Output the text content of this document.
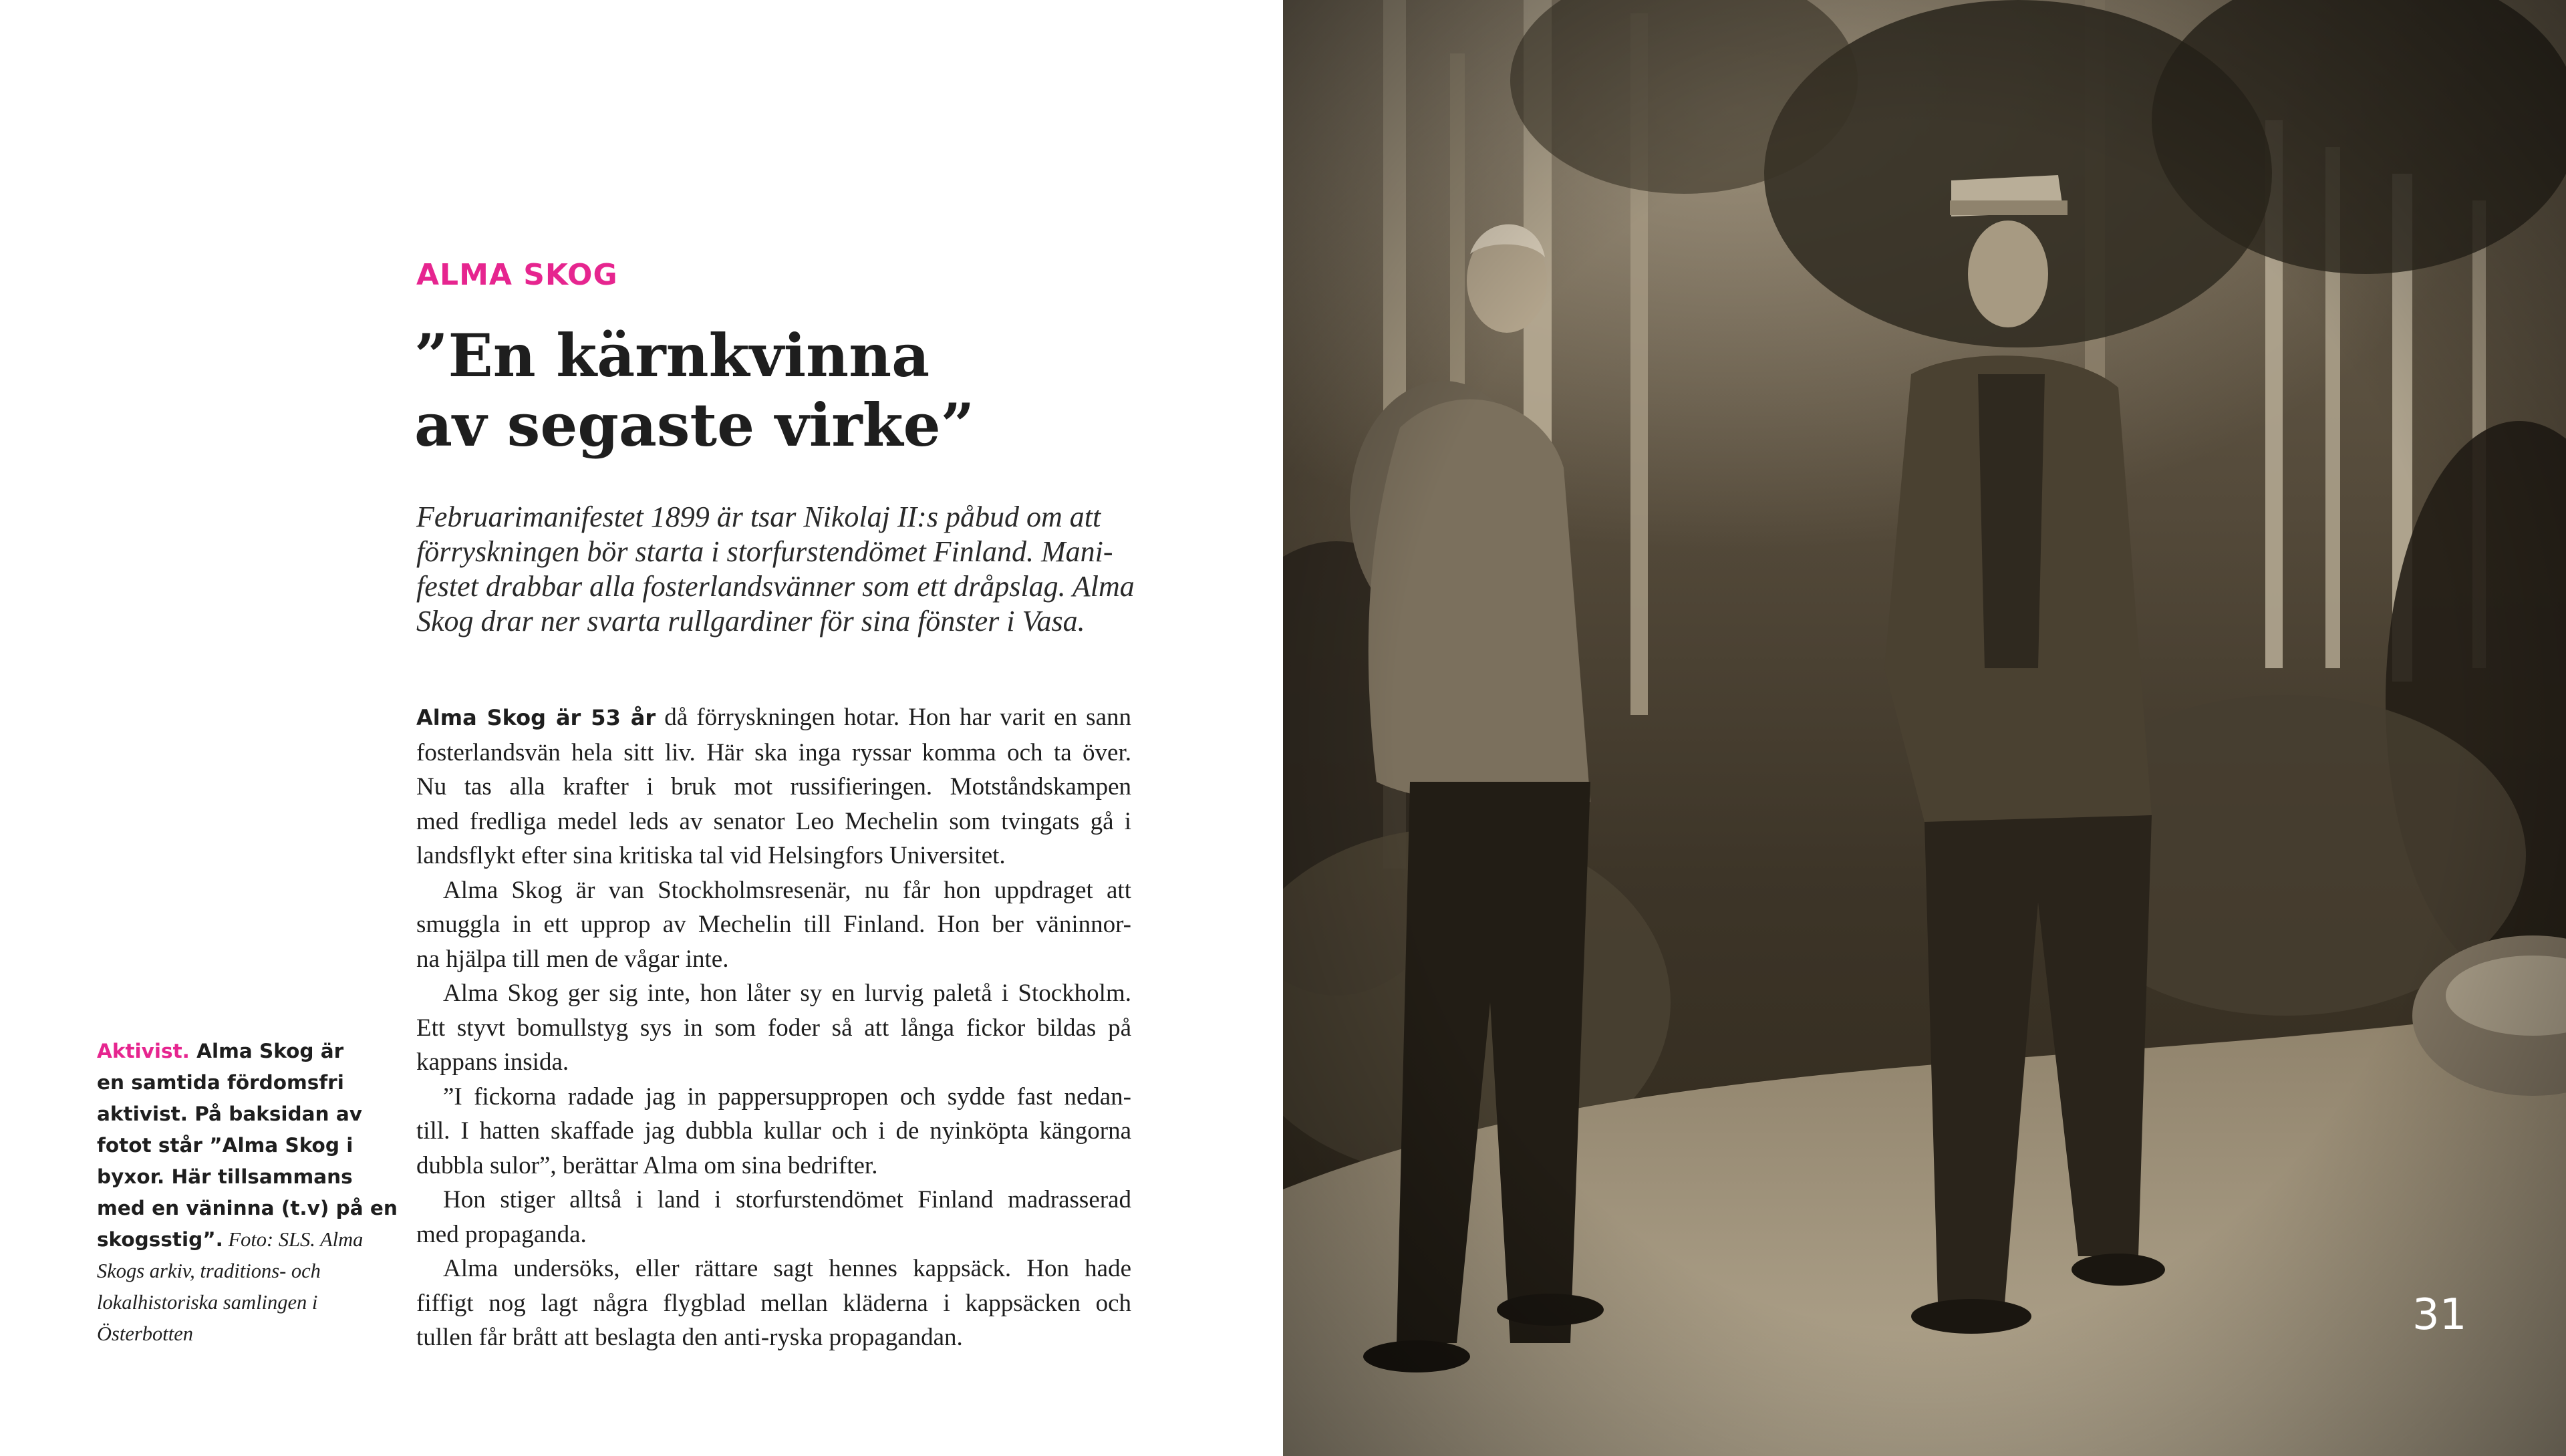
ALMA SKOG
”En kärnkvinna
av segaste virke”
Februarimanifestet 1899 är tsar Nikolaj II:s påbud om att
förryskningen bör starta i storfurstendömet Finland. Mani-
festet drabbar alla fosterlandsvänner som ett dråpslag. Alma
Skog drar ner svarta rullgardiner för sina fönster i Vasa.
Alma Skog är 53 år då förryskningen hotar. Hon har varit en sann
fosterlandsvän hela sitt liv. Här ska inga ryssar komma och ta över.
Nu tas alla krafter i bruk mot russifieringen. Motståndskampen
med fredliga medel leds av senator Leo Mechelin som tvingats gå i
landsflykt efter sina kritiska tal vid Helsingfors Universitet.
Alma Skog är van Stockholmsresenär, nu får hon uppdraget att
smuggla in ett upprop av Mechelin till Finland. Hon ber väninnor-
na hjälpa till men de vågar inte.
Alma Skog ger sig inte, hon låter sy en lurvig paletå i Stockholm.
Ett styvt bomullstyg sys in som foder så att långa fickor bildas på
kappans insida.
”I fickorna radade jag in pappersuppropen och sydde fast nedan-
till. I hatten skaffade jag dubbla kullar och i de nyinköpta kängorna
dubbla sulor”, berättar Alma om sina bedrifter.
Hon stiger alltså i land i storfurstendömet Finland madrasserad
med propaganda.
Alma undersöks, eller rättare sagt hennes kappsäck. Hon hade
fiffigt nog lagt några flygblad mellan kläderna i kappsäcken och
tullen får brått att beslagta den anti-ryska propagandan.
Aktivist. Alma Skog är
en samtida fördomsfri
aktivist. På baksidan av
fotot står ”Alma Skog i
byxor. Här tillsammans
med en väninna (t.v) på en
skogsstig”. Foto: SLS. Alma
Skogs arkiv, traditions- och
lokalhistoriska samlingen i
Österbotten	31
